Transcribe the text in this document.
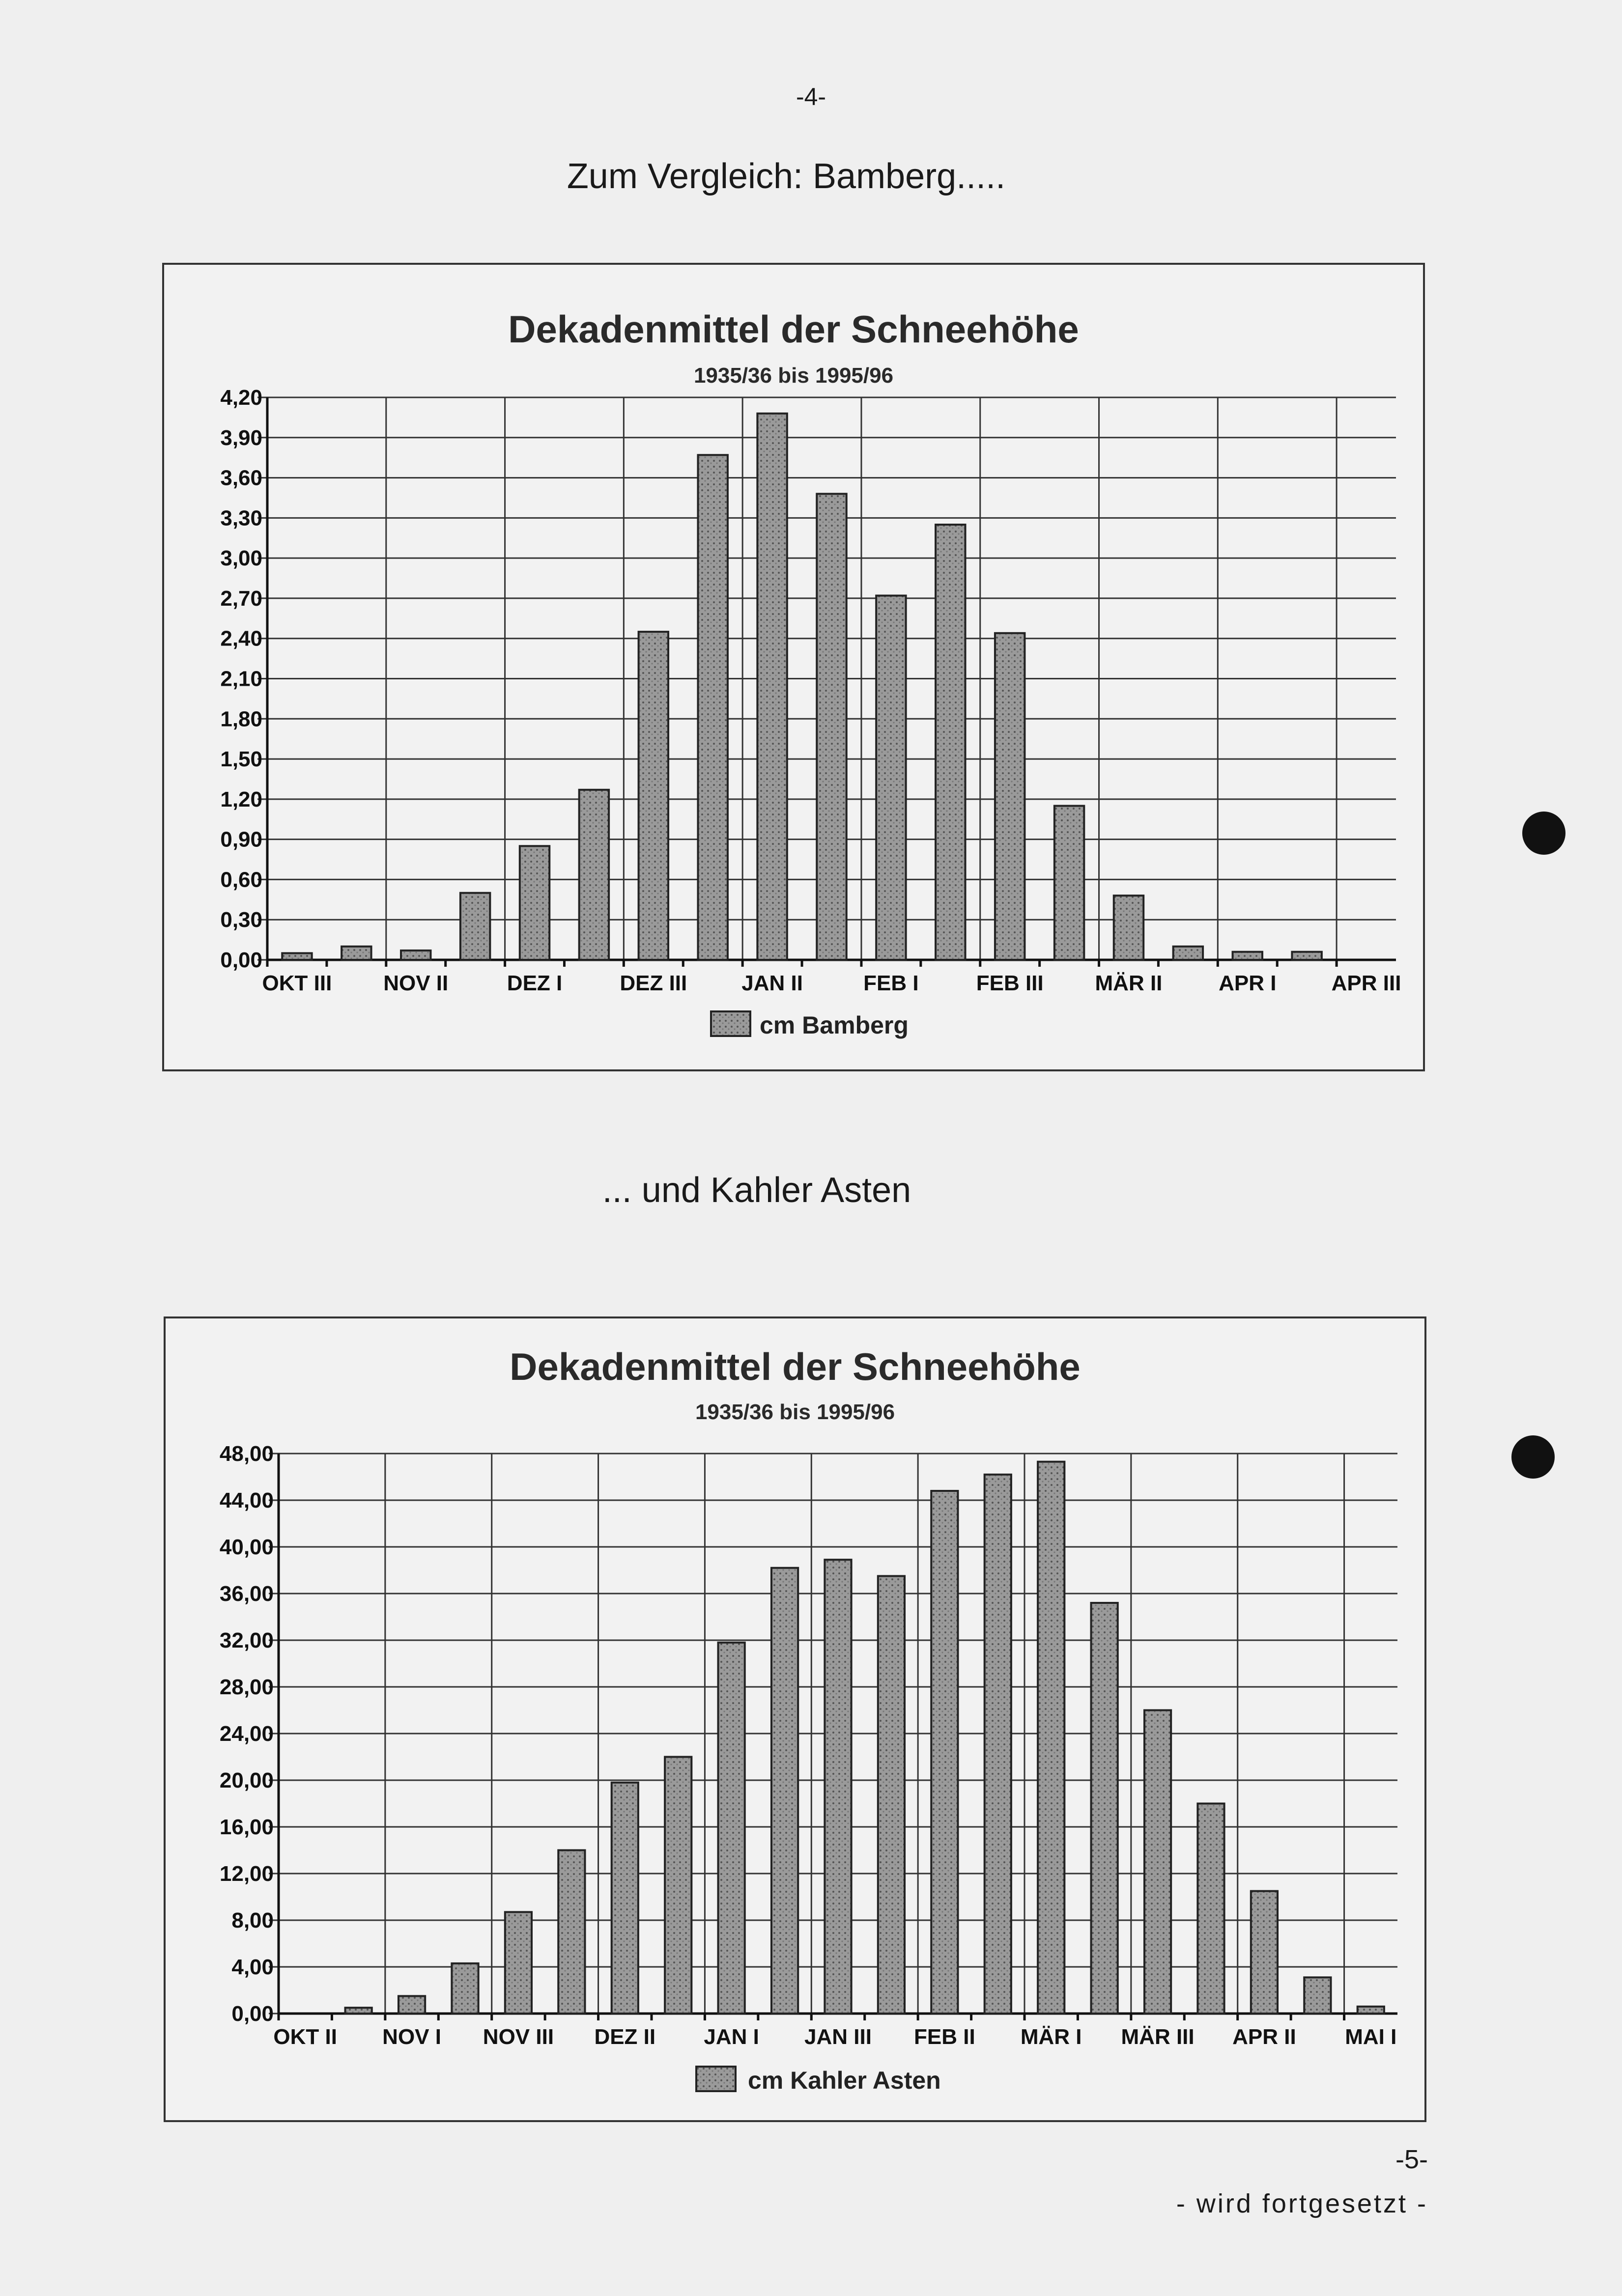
-4-
Zum Vergleich: Bamberg.....
Dekadenmittel der Schneehöhe
1935/36 bis 1995/96
0,00
0,30
0,60
0,90
1,20
1,50
1,80
2,10
2,40
2,70
3,00
3,30
3,60
3,90
4,20
OKT III NOV II	DEZ I	DEZ III	JAN II	FEB I	FEB III MÄR II	APR I	APR III
cm Bamberg
... und Kahler Asten
Dekadenmittel der Schneehöhe
1935/36 bis 1995/96
0,00
4,00
8,00
12,00
16,00
20,00
24,00
28,00
32,00
36,00
40,00
44,00
48,00
OKT II NOV I NOV III DEZ II JAN I JAN III FEB II MÄR I MÄR III APR II MAI I
cm Kahler Asten
-5-
- wird fortgesetzt -
